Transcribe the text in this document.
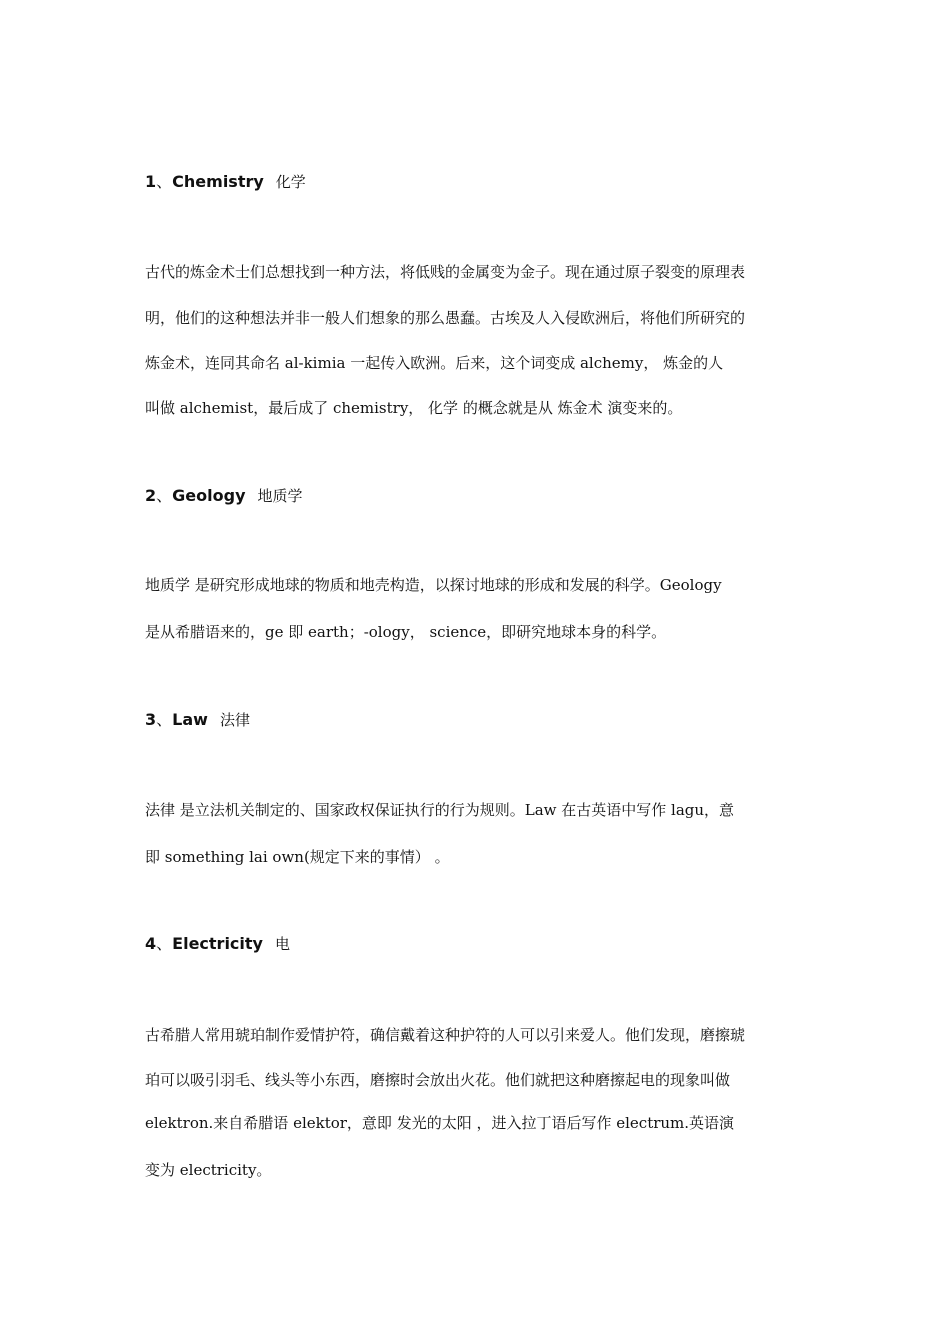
1、Chemistry 化学
古代的炼金术士们总想找到一种方法，将低贱的金属变为金子。现在通过原子裂变的原理表
明，他们的这种想法并非一般人们想象的那么愚蠢。古埃及人入侵欧洲后，将他们所研究的
炼金术，连同其命名 al-kimia 一起传入欧洲。后来，这个词变成 alchemy， 炼金的人
叫做 alchemist，最后成了 chemistry， 化学 的概念就是从 炼金术 演变来的。
2、Geology 地质学
地质学 是研究形成地球的物质和地壳构造，以探讨地球的形成和发展的科学。Geology
是从希腊语来的，ge 即 earth；-ology， science，即研究地球本身的科学。
3、Law 法律
法律 是立法机关制定的、国家政权保证执行的行为规则。Law 在古英语中写作 lagu，意
即 something lai own(规定下来的事情） 。
4、Electricity 电
古希腊人常用琥珀制作爱情护符，确信戴着这种护符的人可以引来爱人。他们发现，磨擦琥
珀可以吸引羽毛、线头等小东西，磨擦时会放出火花。他们就把这种磨擦起电的现象叫做
elektron.来自希腊语 elektor，意即 发光的太阳 ，进入拉丁语后写作 electrum.英语演
变为 electricity。
